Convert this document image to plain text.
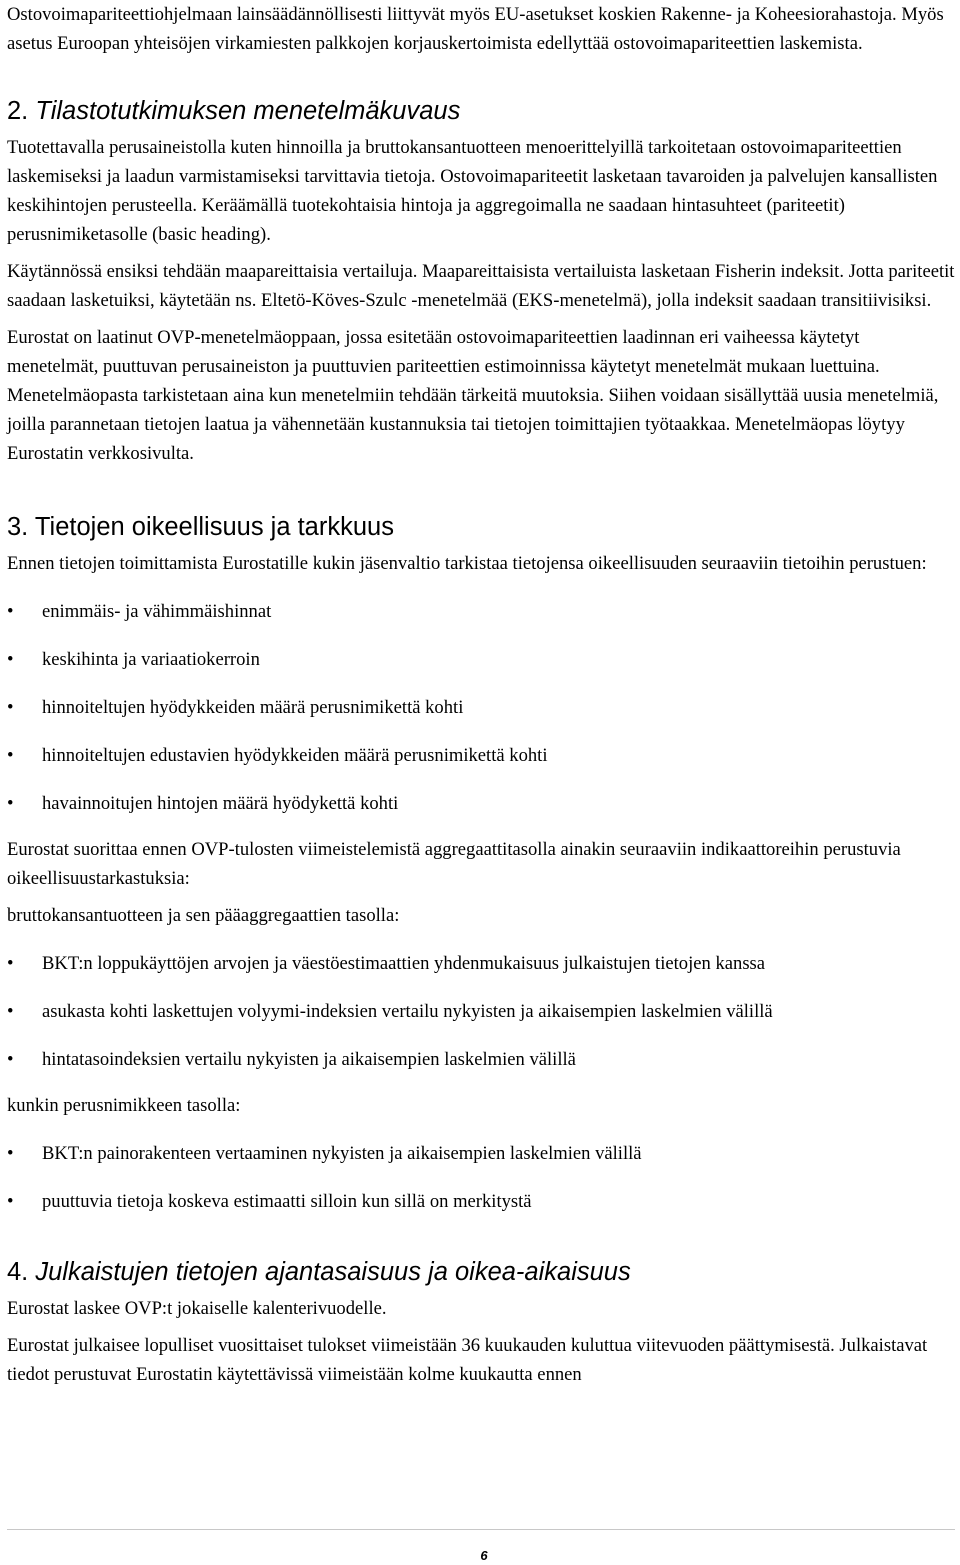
Ostovoimapariteettiohjelmaan lainsäädännöllisesti liittyvät myös EU-asetukset koskien Rakenne- ja Koheesiorahastoja. Myös asetus Euroopan yhteisöjen virkamiesten palkkojen korjauskertoimista edellyttää ostovoimapariteettien laskemista.

2. Tilastotutkimuksen menetelmäkuvaus

Tuotettavalla perusaineistolla kuten hinnoilla ja bruttokansantuotteen menoerittelyillä tarkoitetaan ostovoimapariteettien laskemiseksi ja laadun varmistamiseksi tarvittavia tietoja. Ostovoimapariteetit lasketaan tavaroiden ja palvelujen kansallisten keskihintojen perusteella. Keräämällä tuotekohtaisia hintoja ja aggregoimalla ne saadaan hintasuhteet (pariteetit) perusnimiketasolle (basic heading).

Käytännössä ensiksi tehdään maapareittaisia vertailuja. Maapareittaisista vertailuista lasketaan Fisherin indeksit. Jotta pariteetit saadaan lasketuiksi, käytetään ns. Eltetö-Köves-Szulc -menetelmää (EKS-menetelmä), jolla indeksit saadaan transitiivisiksi.

Eurostat on laatinut OVP-menetelmäoppaan, jossa esitetään ostovoimapariteettien laadinnan eri vaiheessa käytetyt menetelmät, puuttuvan perusaineiston ja puuttuvien pariteettien estimoinnissa käytetyt menetelmät mukaan luettuina. Menetelmäopasta tarkistetaan aina kun menetelmiin tehdään tärkeitä muutoksia. Siihen voidaan sisällyttää uusia menetelmiä, joilla parannetaan tietojen laatua ja vähennetään kustannuksia tai tietojen toimittajien työtaakkaa. Menetelmäopas löytyy Eurostatin verkkosivulta.

3. Tietojen oikeellisuus ja tarkkuus

Ennen tietojen toimittamista Eurostatille kukin jäsenvaltio tarkistaa tietojensa oikeellisuuden seuraaviin tietoihin perustuen:

• enimmäis- ja vähimmäishinnat
• keskihinta ja variaatiokerroin
• hinnoiteltujen hyödykkeiden määrä perusnimikettä kohti
• hinnoiteltujen edustavien hyödykkeiden määrä perusnimikettä kohti
• havainnoitujen hintojen määrä hyödykettä kohti

Eurostat suorittaa ennen OVP-tulosten viimeistelemistä aggregaattitasolla ainakin seuraaviin indikaattoreihin perustuvia oikeellisuustarkastuksia:

bruttokansantuotteen ja sen pääaggregaattien tasolla:

• BKT:n loppukäyttöjen arvojen ja väestöestimaattien yhdenmukaisuus julkaistujen tietojen kanssa
• asukasta kohti laskettujen volyymi-indeksien vertailu nykyisten ja aikaisempien laskelmien välillä
• hintatasoindeksien vertailu nykyisten ja aikaisempien laskelmien välillä

kunkin perusnimikkeen tasolla:

• BKT:n painorakenteen vertaaminen nykyisten ja aikaisempien laskelmien välillä
• puuttuvia tietoja koskeva estimaatti silloin kun sillä on merkitystä
4. Julkaistujen tietojen ajantasaisuus ja oikea-aikaisuus

Eurostat laskee OVP:t jokaiselle kalenterivuodelle.

Eurostat julkaisee lopulliset vuosittaiset tulokset viimeistään 36 kuukauden kuluttua viitevuoden päättymisestä. Julkaistavat tiedot perustuvat Eurostatin käytettävissä viimeistään kolme kuukautta ennen

6
